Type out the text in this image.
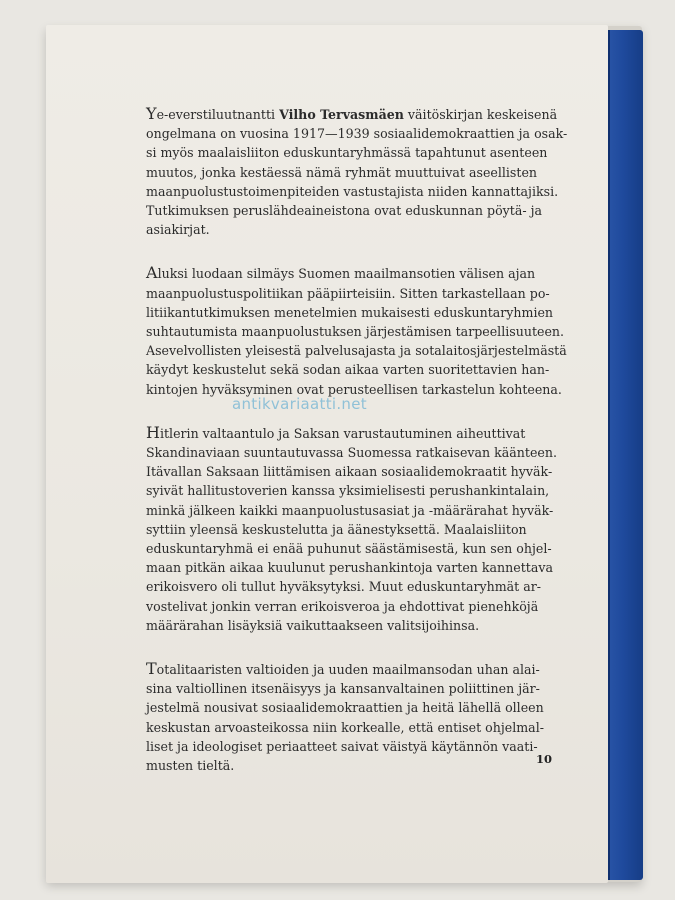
Ye-everstiluutnantti Vilho Tervasmäen väitöskirjan keskeisenä
ongelmana on vuosina 1917—1939 sosiaalidemokraattien ja osak-
si myös maalaisliiton eduskuntaryhmässä tapahtunut asenteen
muutos, jonka kestäessä nämä ryhmät muuttuivat aseellisten
maanpuolustustoimenpiteiden vastustajista niiden kannattajiksi.
Tutkimuksen peruslähdeaineistona ovat eduskunnan pöytä- ja
asiakirjat.

Aluksi luodaan silmäys Suomen maailmansotien välisen ajan
maanpuolustuspolitiikan pääpiirteisiin. Sitten tarkastellaan po-
litiikantutkimuksen menetelmien mukaisesti eduskuntaryhmien
suhtautumista maanpuolustuksen järjestämisen tarpeellisuuteen.
Asevelvollisten yleisestä palvelusajasta ja sotalaitosjärjestelmästä
käydyt keskustelut sekä sodan aikaa varten suoritettavien han-
kintojen hyväksyminen ovat perusteellisen tarkastelun kohteena.

Hitlerin valtaantulo ja Saksan varustautuminen aiheuttivat
Skandinaviaan suuntautuvassa Suomessa ratkaisevan käänteen.
Itävallan Saksaan liittämisen aikaan sosiaalidemokraatit hyväk-
syivät hallitustoverien kanssa yksimielisesti perushankintalain,
minkä jälkeen kaikki maanpuolustusasiat ja -määrärahat hyväk-
syttiin yleensä keskustelutta ja äänestyksettä. Maalaisliiton
eduskuntaryhmä ei enää puhunut säästämisestä, kun sen ohjel-
maan pitkän aikaa kuulunut perushankintoja varten kannettava
erikoisvero oli tullut hyväksytyksi. Muut eduskuntaryhmät ar-
vostelivat jonkin verran erikoisveroa ja ehdottivat pienehköjä
määrärahan lisäyksiä vaikuttaakseen valitsijoihinsa.

Totalitaaristen valtioiden ja uuden maailmansodan uhan alai-
sina valtiollinen itsenäisyys ja kansanvaltainen poliittinen jär-
jestelmä nousivat sosiaalidemokraattien ja heitä lähellä olleen
keskustan arvoasteikossa niin korkealle, että entiset ohjelmal-
liset ja ideologiset periaatteet saivat väistyä käytännön vaati-
musten tieltä.	10
antikvariaatti.net
